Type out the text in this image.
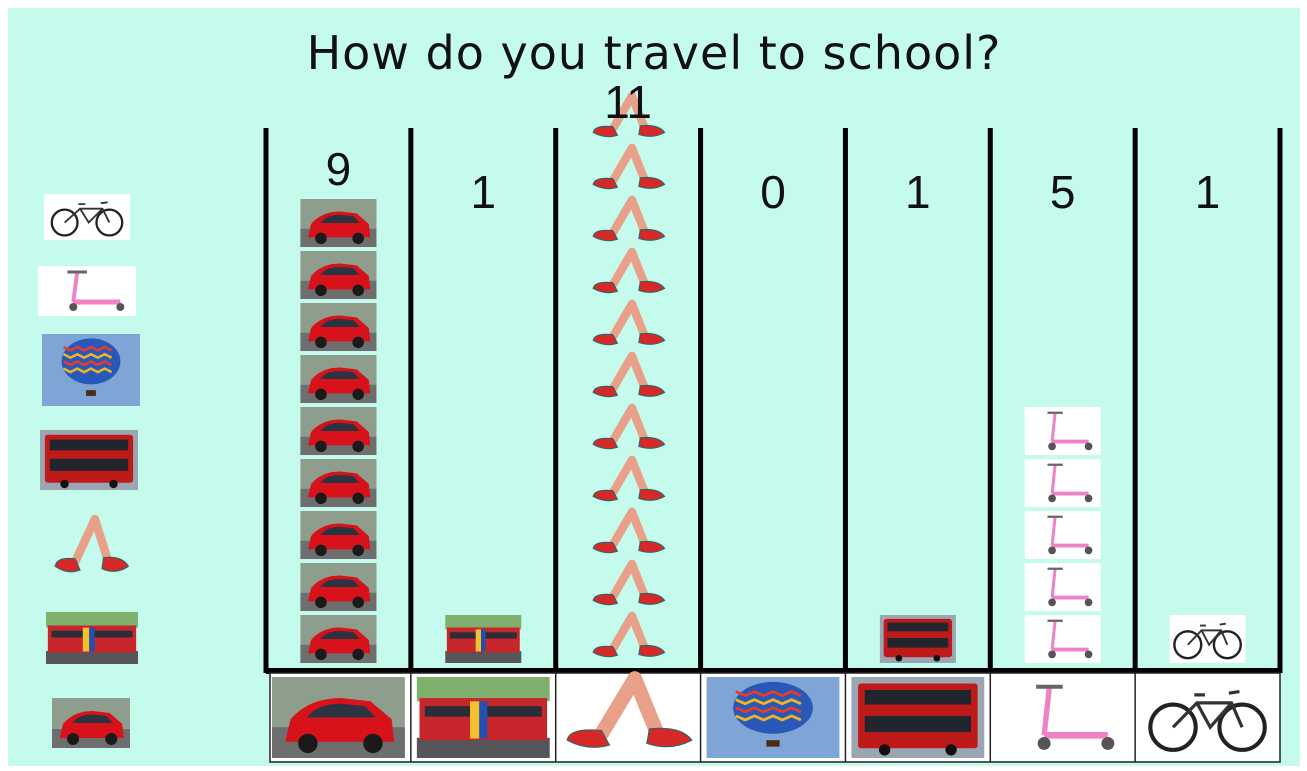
How do you travel to school?
9	1
11
0	1	5	1
